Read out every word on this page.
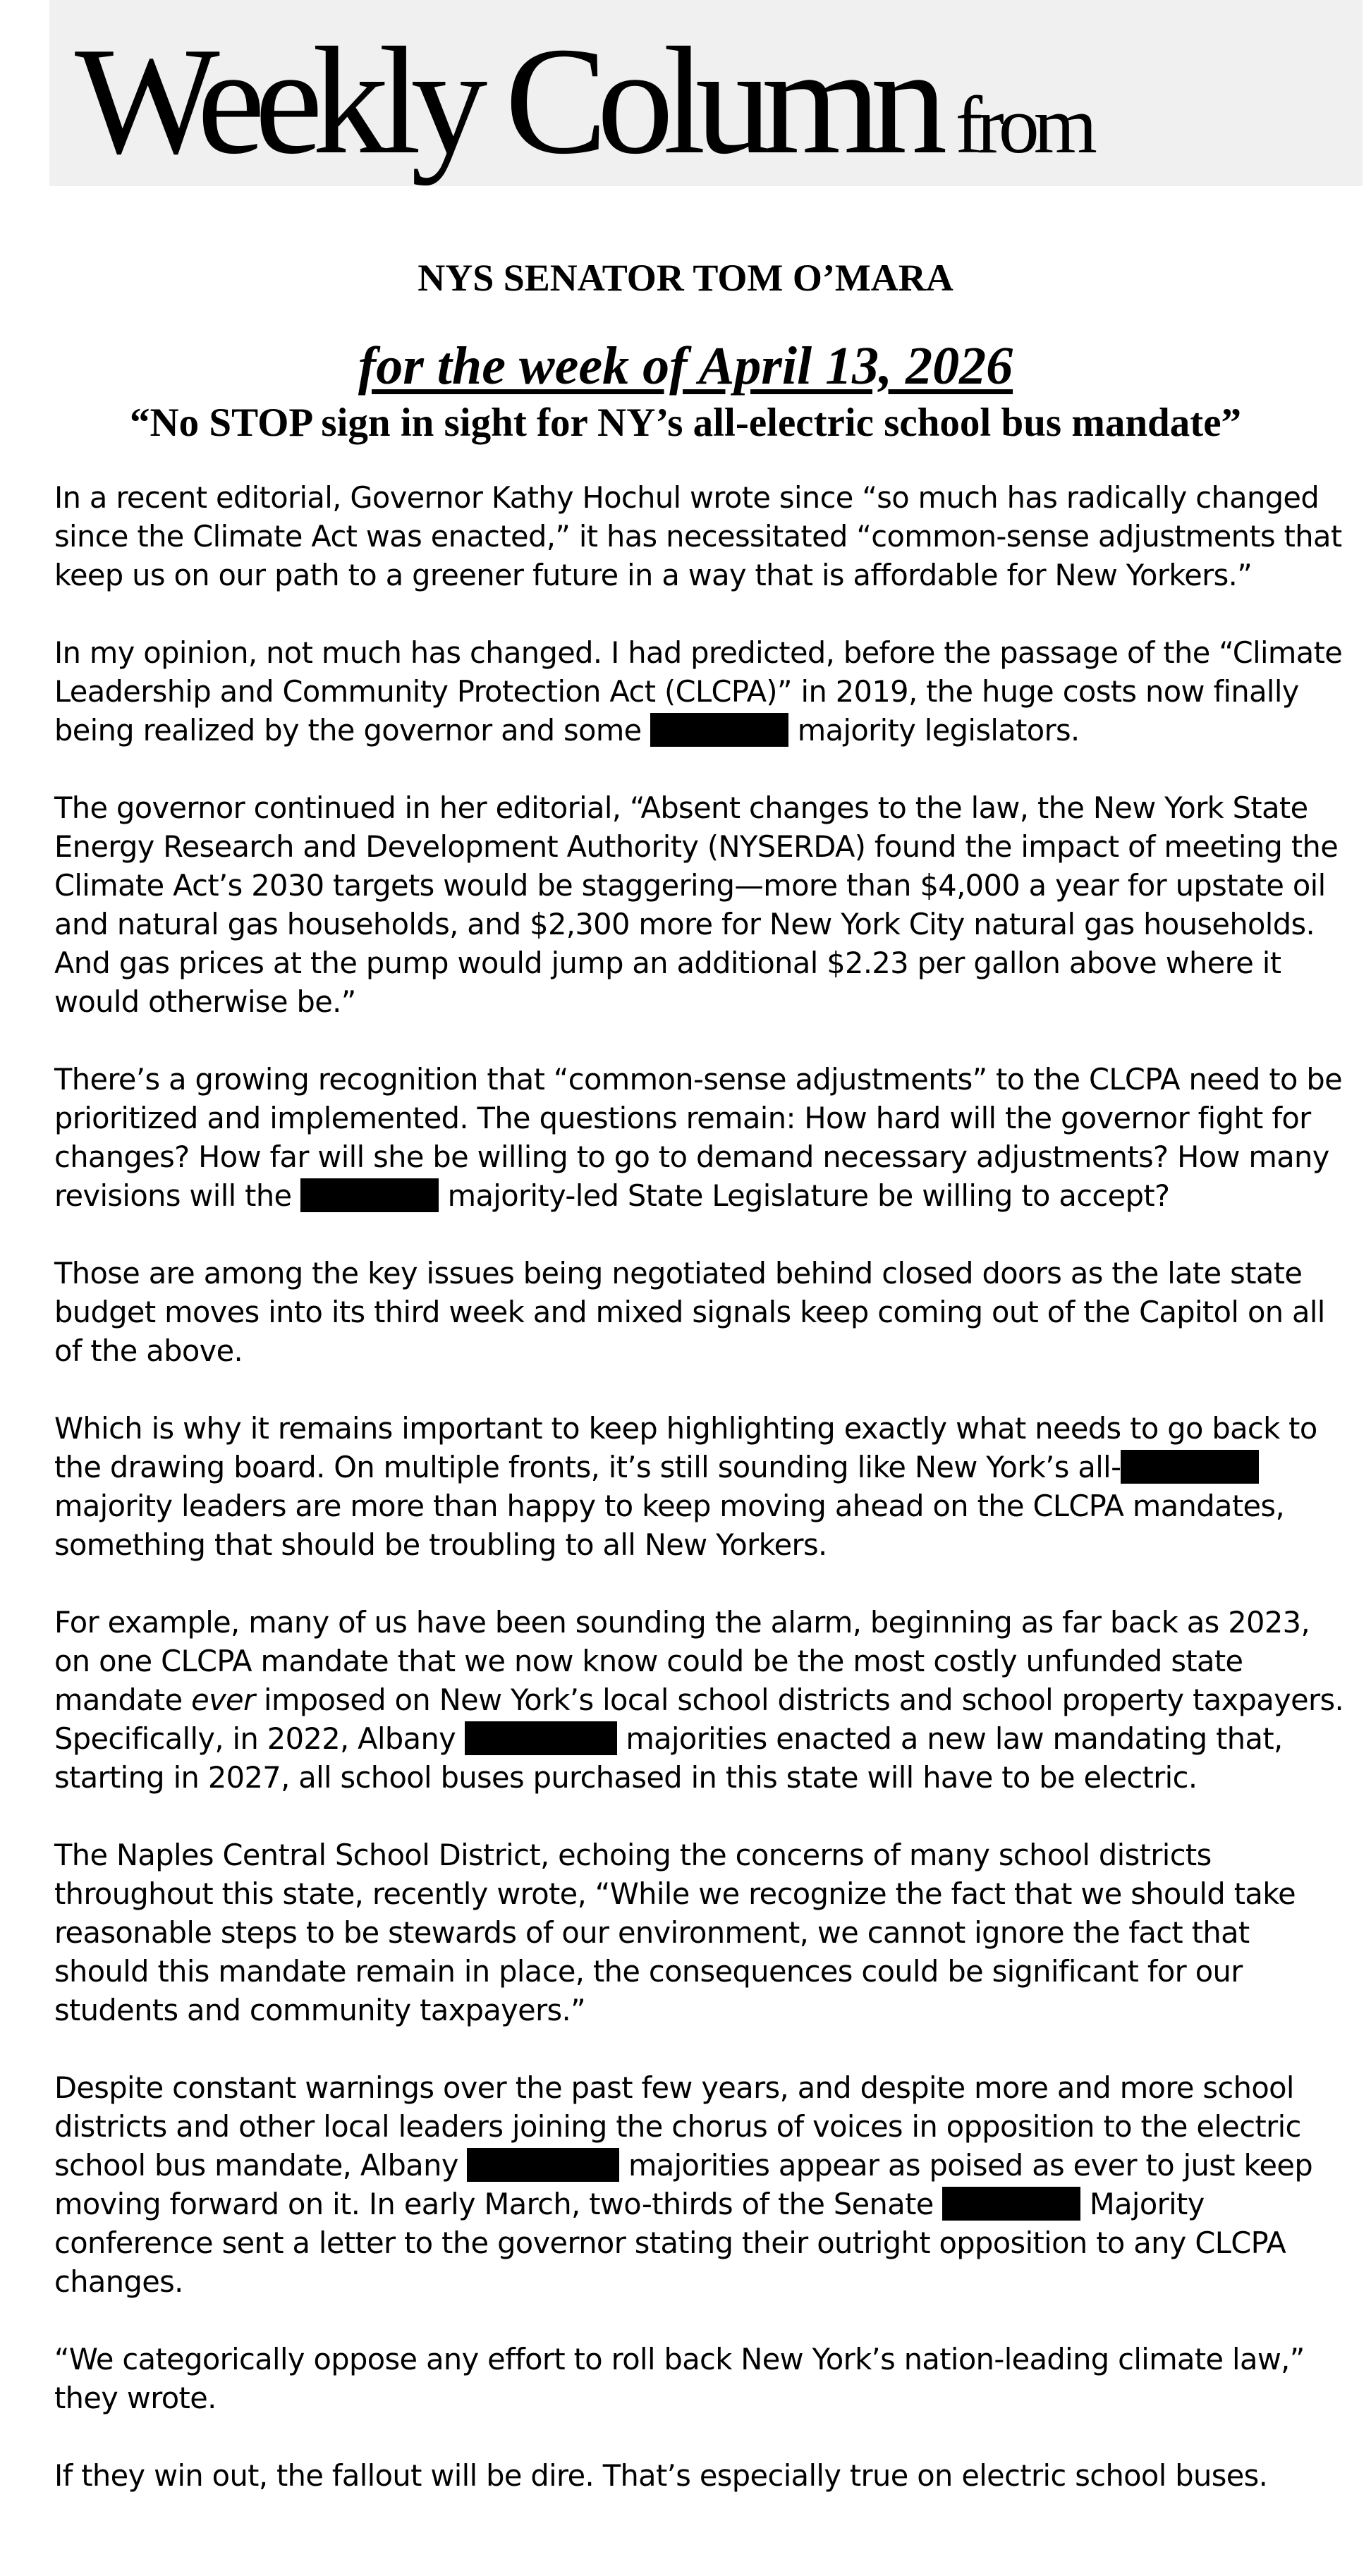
Weekly Column from
NYS SENATOR TOM O’MARA
for the week of April 13, 2026
“No STOP sign in sight for NY’s all-electric school bus mandate”

In a recent editorial, Governor Kathy Hochul wrote since “so much has radically changed since the Climate Act was enacted,” it has necessitated “common-sense adjustments that keep us on our path to a greener future in a way that is affordable for New Yorkers.”

In my opinion, not much has changed. I had predicted, before the passage of the “Climate Leadership and Community Protection Act (CLCPA)” in 2019, the huge costs now finally being realized by the governor and some	majority legislators.

The governor continued in her editorial, “Absent changes to the law, the New York State Energy Research and Development Authority (NYSERDA) found the impact of meeting the Climate Act’s 2030 targets would be staggering—more than $4,000 a year for upstate oil and natural gas households, and $2,300 more for New York City natural gas households. And gas prices at the pump would jump an additional $2.23 per gallon above where it would otherwise be.”

There’s a growing recognition that “common-sense adjustments” to the CLCPA need to be prioritized and implemented. The questions remain: How hard will the governor fight for changes? How far will she be willing to go to demand necessary adjustments? How many revisions will the	majority-led State Legislature be willing to accept?

Those are among the key issues being negotiated behind closed doors as the late state budget moves into its third week and mixed signals keep coming out of the Capitol on all of the above.

Which is why it remains important to keep highlighting exactly what needs to go back to the drawing board. On multiple fronts, it’s still sounding like New York’s all- majority leaders are more than happy to keep moving ahead on the CLCPA mandates, something that should be troubling to all New Yorkers.

For example, many of us have been sounding the alarm, beginning as far back as 2023, on one CLCPA mandate that we now know could be the most costly unfunded state mandate ever imposed on New York’s local school districts and school property taxpayers. Specifically, in 2022, Albany	majorities enacted a new law mandating that, starting in 2027, all school buses purchased in this state will have to be electric.

The Naples Central School District, echoing the concerns of many school districts throughout this state, recently wrote, “While we recognize the fact that we should take reasonable steps to be stewards of our environment, we cannot ignore the fact that should this mandate remain in place, the consequences could be significant for our students and community taxpayers.”

Despite constant warnings over the past few years, and despite more and more school districts and other local leaders joining the chorus of voices in opposition to the electric school bus mandate, Albany	majorities appear as poised as ever to just keep moving forward on it. In early March, two-thirds of the Senate	Majority conference sent a letter to the governor stating their outright opposition to any CLCPA changes.

“We categorically oppose any effort to roll back New York’s nation-leading climate law,” they wrote.

If they win out, the fallout will be dire. That’s especially true on electric school buses.
